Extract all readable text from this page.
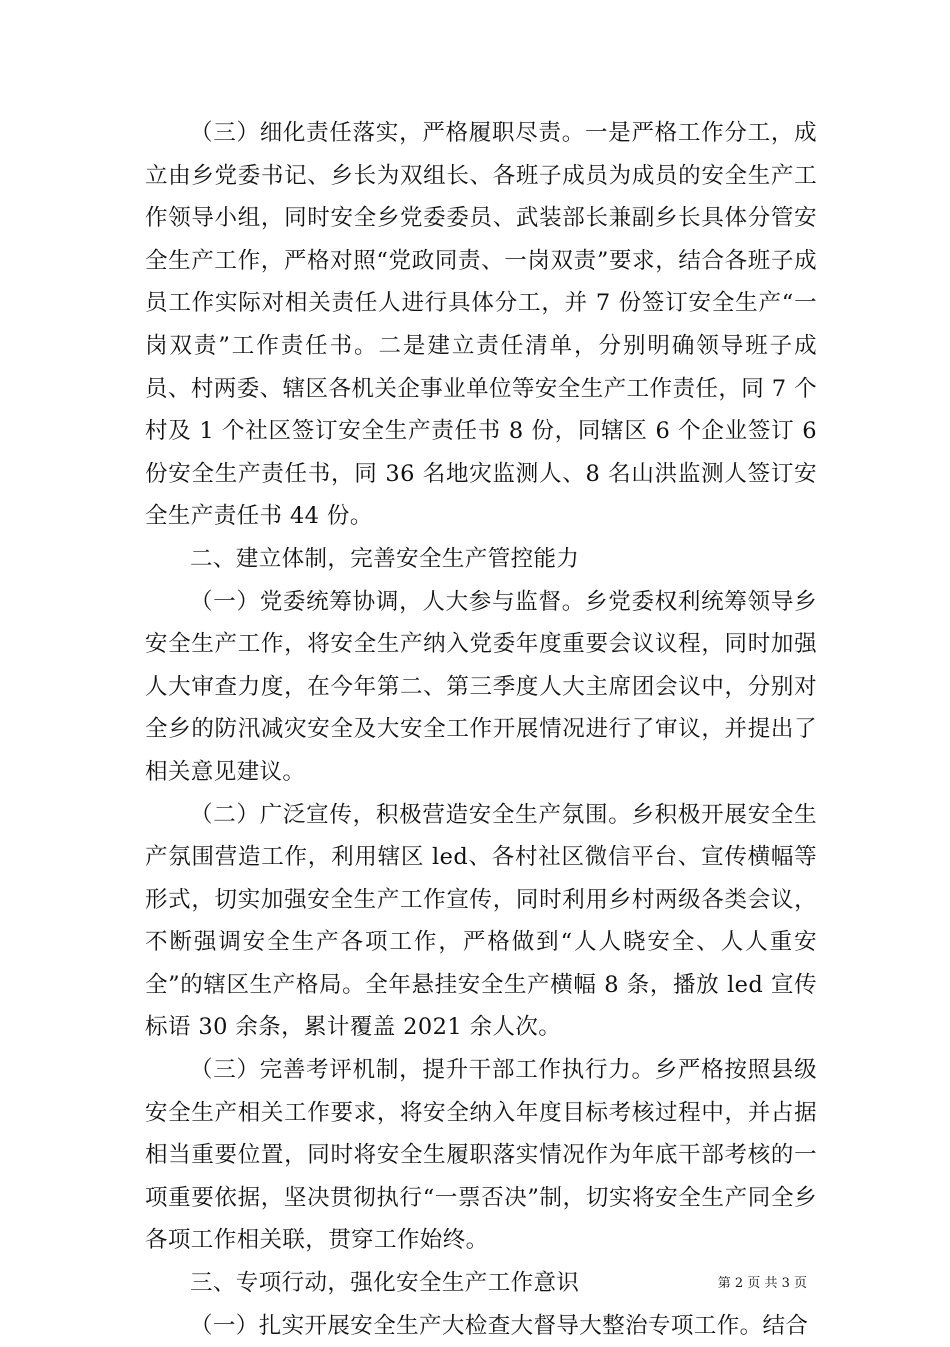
（三）细化责任落实，严格履职尽责。一是严格工作分工，成立由乡党委书记、乡长为双组长、各班子成员为成员的安全生产工作领导小组，同时安全乡党委委员、武装部长兼副乡长具体分管安全生产工作，严格对照“党政同责、一岗双责”要求，结合各班子成员工作实际对相关责任人进行具体分工，并 7 份签订安全生产“一岗双责”工作责任书。二是建立责任清单，分别明确领导班子成员、村两委、辖区各机关企事业单位等安全生产工作责任，同 7 个村及 1 个社区签订安全生产责任书 8 份，同辖区 6 个企业签订 6 份安全生产责任书，同 36 名地灾监测人、8 名山洪监测人签订安全生产责任书 44 份。

二、建立体制，完善安全生产管控能力

（一）党委统筹协调，人大参与监督。乡党委权利统筹领导乡安全生产工作，将安全生产纳入党委年度重要会议议程，同时加强人大审查力度，在今年第二、第三季度人大主席团会议中，分别对全乡的防汛减灾安全及大安全工作开展情况进行了审议，并提出了相关意见建议。

（二）广泛宣传，积极营造安全生产氛围。乡积极开展安全生产氛围营造工作，利用辖区 led、各村社区微信平台、宣传横幅等形式，切实加强安全生产工作宣传，同时利用乡村两级各类会议，不断强调安全生产各项工作，严格做到“人人晓安全、人人重安全”的辖区生产格局。全年悬挂安全生产横幅 8 条，播放 led 宣传标语 30 余条，累计覆盖 2021 余人次。

（三）完善考评机制，提升干部工作执行力。乡严格按照县级安全生产相关工作要求，将安全纳入年度目标考核过程中，并占据相当重要位置，同时将安全生履职落实情况作为年底干部考核的一项重要依据，坚决贯彻执行“一票否决”制，切实将安全生产同全乡各项工作相关联，贯穿工作始终。

三、专项行动，强化安全生产工作意识

（一）扎实开展安全生产大检查大督导大整治专项工作。结合

第 2 页 共 3 页
